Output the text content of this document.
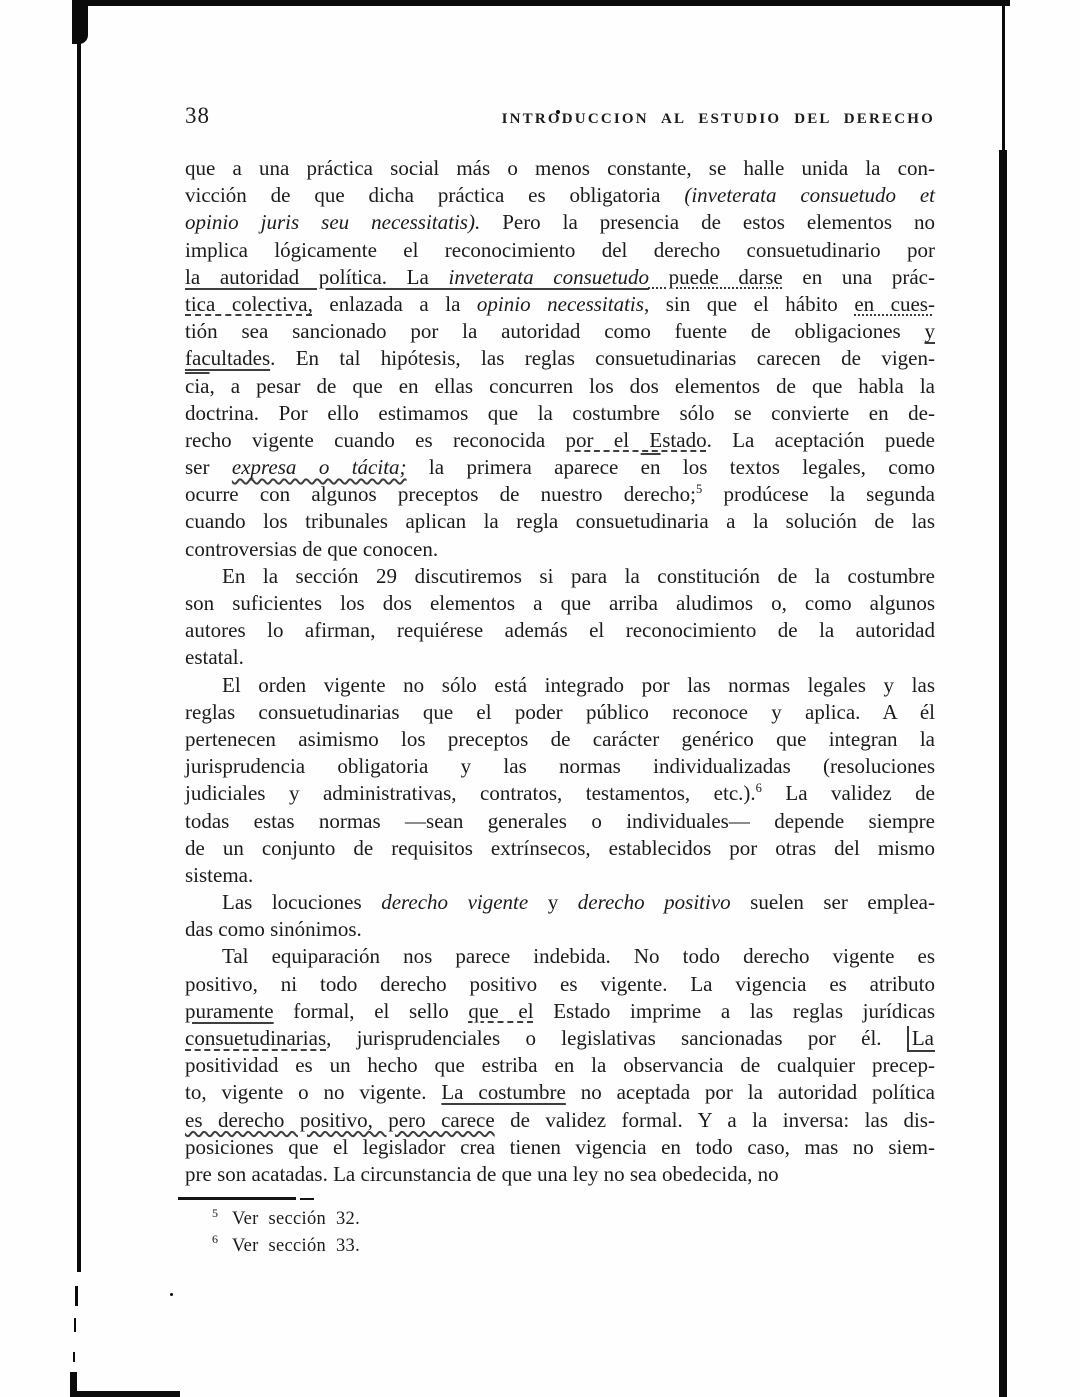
38	INTRODUCCION AL ESTUDIO DEL DERECHO
que a una práctica social más o menos constante, se halle unida la con-
vicción de que dicha práctica es obligatoria (inveterata consuetudo et
opinio juris seu necessitatis). Pero la presencia de estos elementos no
implica lógicamente el reconocimiento del derecho consuetudinario por
la autoridad política. La inveterata consuetudo puede darse en una prác-
tica colectiva, enlazada a la opinio necessitatis, sin que el hábito en cues-
tión sea sancionado por la autoridad como fuente de obligaciones y
facultades. En tal hipótesis, las reglas consuetudinarias carecen de vigen-
$\overline{cia}$, a pesar de que en ellas concurren los dos elementos de que habla la
doctrina. Por ello estimamos que la costumbre sólo se convierte en de-
recho vigente cuando es reconocida por el Estado. La aceptación puede
ser expresa o tácita; la primera aparece $\overline{en}$ los textos legales, como
ocurre con algunos preceptos de nuestro derecho;$^5$ prodúcese la segunda
cuando los tribunales aplican la regla consuetudinaria a la solución de las
controversias de que conocen.
En la sección 29 discutiremos si para la constitución de la costumbre
son suficientes los dos elementos a que arriba aludimos o, como algunos
autores lo afirman, requiérese además el reconocimiento de la autoridad
estatal.
El orden vigente no sólo está integrado por las normas legales y las
reglas consuetudinarias que el poder público reconoce y aplica. A él
pertenecen asimismo los preceptos de carácter genérico que integran la
jurisprudencia obligatoria y las normas individualizadas (resoluciones
judiciales y administrativas, contratos, testamentos, etc.).$^6$ La validez de
todas estas normas —sean generales o individuales— depende siempre
de un conjunto de requisitos extrínsecos, establecidos por otras del mismo
sistema.
Las locuciones derecho vigente y derecho positivo suelen ser emplea-
das como sinónimos.
Tal equiparación nos parece indebida. No todo derecho vigente es
positivo, ni todo derecho positivo es vigente. La vigencia es atributo
puramente formal, el sello que el Estado imprime a las reglas jurídicas
consuetudinarias, jurisprudenciales o legislativas sancionadas por él. La
positividad es un hecho que estriba en la observancia de cualquier precep-
to, vigente o no vigente. La costumbre no aceptada por la autoridad política
es derecho positivo, pero carece de validez formal. Y a la inversa: las dis-
posiciones que el legislador crea tienen vigencia en todo caso, mas no siem-
pre son acatadas. La circunstancia de que una ley no sea obedecida, no
$^5$ Ver sección 32.
$^6$ Ver sección 33.
